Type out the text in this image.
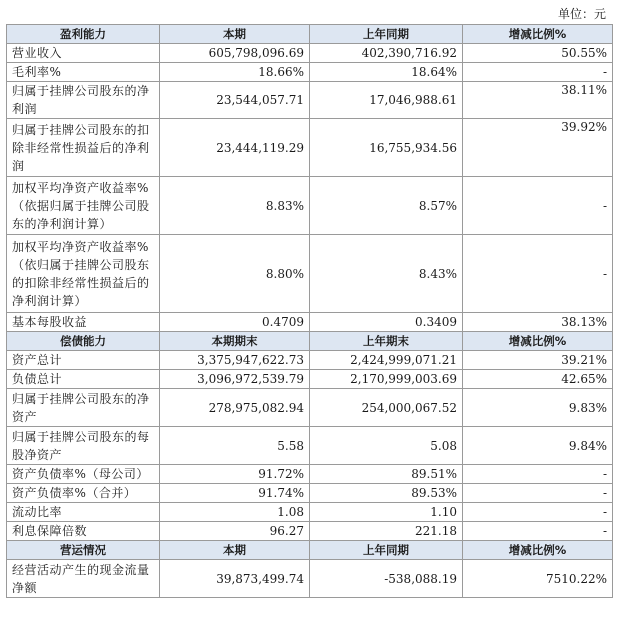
单位：元
盈利能力	本期	上年同期	增减比例%
营业收入	605,798,096.69	402,390,716.92	50.55%
毛利率%	18.66%	18.64%	-
归属于挂牌公司股东的净利润	23,544,057.71	17,046,988.61	38.11%
归属于挂牌公司股东的扣除非经常性损益后的净利润	23,444,119.29	16,755,934.56	39.92%
加权平均净资产收益率%（依据归属于挂牌公司股东的净利润计算）	8.83%	8.57%	-
加权平均净资产收益率%（依归属于挂牌公司股东的扣除非经常性损益后的净利润计算）	8.80%	8.43%	-
基本每股收益	0.4709	0.3409	38.13%
偿债能力	本期期末	上年期末	增减比例%
资产总计	3,375,947,622.73	2,424,999,071.21	39.21%
负债总计	3,096,972,539.79	2,170,999,003.69	42.65%
归属于挂牌公司股东的净资产	278,975,082.94	254,000,067.52	9.83%
归属于挂牌公司股东的每股净资产	5.58	5.08	9.84%
资产负债率%（母公司）	91.72%	89.51%	-
资产负债率%（合并）	91.74%	89.53%	-
流动比率	1.08	1.10	-
利息保障倍数	96.27	221.18	-
营运情况	本期	上年同期	增减比例%
经营活动产生的现金流量净额	39,873,499.74	-538,088.19	7510.22%
